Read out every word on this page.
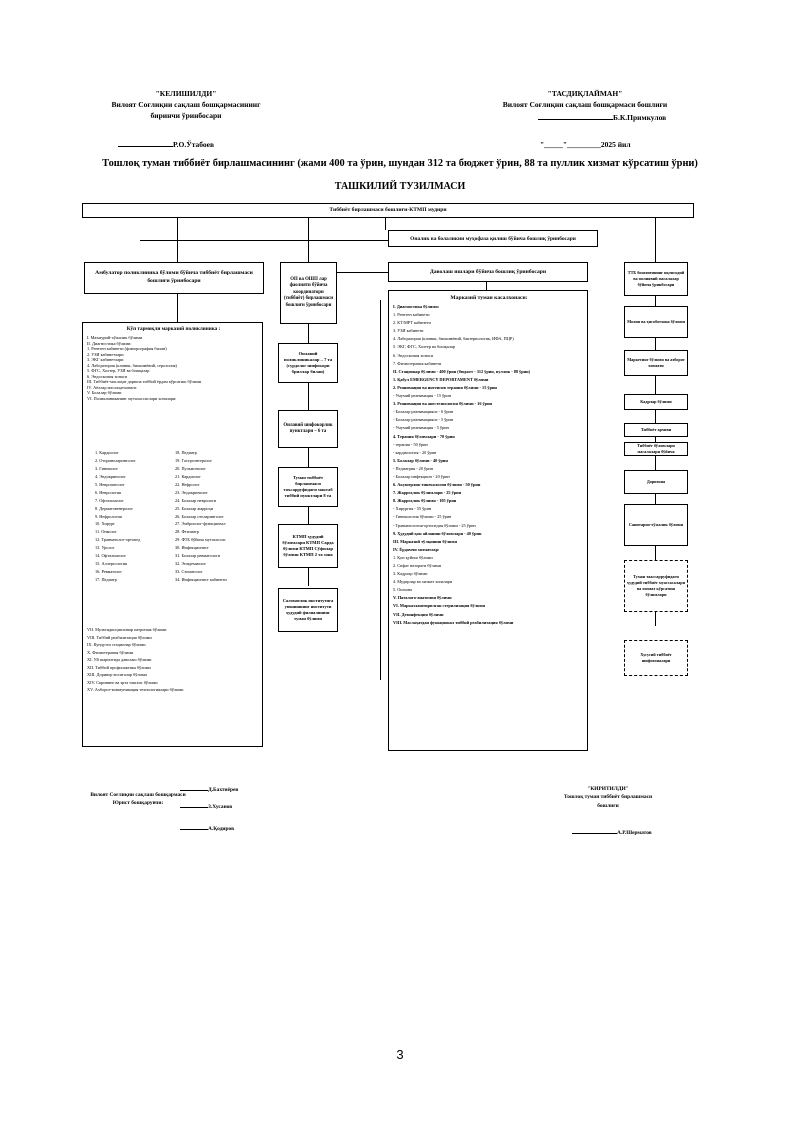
"КЕЛИШИЛДИ"
Вилоят Соғлиқни сақлаш бошқармасининг
биринчи ўринбосари
Р.О.Ўтабоев
"ТАСДИҚЛАЙМАН"
Вилоят Соғлиқни сақлаш бошқармаси бошлиғи
Б.К.Примкулов
"_____"_________2025 йил
Тошлоқ туман тиббиёт бирлашмасининг (жами 400 та ўрин, шундан 312 та бюджет ўрин, 88 та пуллик хизмат кўрсатиш ўрни)
ТАШКИЛИЙ ТУЗИЛМАСИ
Тиббиёт бирлашмаси бошлиғи-КТМП мудири
Оналик ва болаликни муҳофаза қилиш бўйича бошлиқ ўринбосари
Амбулатор поликлиника бўлими бўйича тиббиёт бирлашмаси бошлиғи ўринбосари	ОП ва ОШП лар фаолияти бўйича координатори (тиббиёт) бирлашмаси бошлиғи ўринбосари
Даволаш ишлари бўйича бошлиқ ўринбосари
Кўп тармоқли марказий поликлиника :
I. Маъмурий-хўжалик бўлими
II. Диагностика бўлими:
1. Рентген кабинети (флюорография билан)
2. УЗИ кабинетлари
3. ЭКГ кабинетлари
4. Лаборатория (клиник, биокимёвий, серология)
5. ФГС, Холтер, УЗИ ва бошқалар
6. Эндоскопия хонаси
III. Тиббиёт-маслаҳат дарвоза тиббий ёрдам кўрсатиш бўлими
IV. Аёллар маслаҳатхонаси
V. Болалар бўлими
VI. Поликлиниканинг мутахассислари хоналари:
1. Кардиолог
2. Оториноларинголог
3. Гинеколог
4. Эндокринолог
5. Невропатолог
6. Неврология
7. Офтальмолог
8. Дерматовенеролог
9. Нефрология
10. Хирург
11. Онколог
12. Травматолог-ортопед
13. Уролог
14. Офтальмолог
15. Аллергология
16. Ревматолог
17. Педиатр
18. Педиатр
19. Гастроэнтеролог
20. Пульмонолог
21. Кардиолог
22. Нефролог
23. Эндокринолог
24. Болалар неврологи
25. Болалар жарроҳи
26. Болалар отоларинголог
27. Эмбриолог-функционал
28. Фтизиатр
29. ФТБ бўйича мутахассис
30. Инфекционист
31. Болалар ревматологи
32. Эпидемиолог
33. Стоматолог
34. Инфекционист кабинети
VII. Мультидисциплинар патронаж бўлими
VIII. Тиббий реабилитация бўлими
IX. Кундузги стационар бўлими
X. Физиотерапия бўлими
XI. Уй шароитида даволаш бўлими
XII. Тиббий профилактика бўлими
XIII. Доривор воситалар бўлими
XIV. Скрининг ва эрта ташхис бўлими
XV. Ахборот-коммуникация технологиялари бўлими
Оилавий поликлиникалар – 7 та (сурдолог шифокори бриллар билан)
Оилавий шифокорлик пунктлари – 6 та
Туман тиббиёт бирлашмаси таъсарруфидаги мактаб тиббий пунктлари 8 та
КТМП ҳудудий бўлимлари КТМП Сарда бўлими КТМП Сўфилар бўлими КТМП 2 та зона
Саломатлик институтига уюшишнинг институти ҳудудий филиалининг туман бўлими
Марказий туман касалхонаси:
I. Диагностика бўлими:
1. Рентген кабинети
2. КТ/МРТ кабинети
3. УЗИ кабинети
4. Лаборатория (клиник, биокимёвий, бактериологик, ИФА, ПЦР)
5. ЭКГ, ФГС, Холтер ва бошқалар
6. Эндоскопия хонаси
7. Физиотерапия кабинети
II. Стационар бўлими - 400 ўрин (бюджет - 312 ўрин, пуллик - 88 ўрин)
1. Қабул EMERGENCY DEPORTAMENT бўлими
2. Реанимация ва интенсив терапия бўлими - 15 ўрин
- Умумий реанимация - 15 ўрин
3. Реанимация ва анестезиология бўлими - 16 ўрин
- Болалар реанимацияси - 6 ўрин
- Болалар реанимацияси - 5 ўрин
- Умумий реанимация - 5 ўрин
4. Терапия бўлимлари - 70 ўрин
- терапия - 50 ўрин
- кардиология - 20 ўрин
5. Болалар бўлими - 40 ўрин
- Педиатрия - 20 ўрин
- Болалар инфекцион - 20 ўрин
6. Акушерлик-гинекология бўлими - 50 ўрин
7. Жарроҳлик бўлимлари - 25 ўрин
8. Жарроҳлик бўлими - 105 ўрин
- Хирургия - 55 ўрин
- Гинекология бўлими - 25 ўрин
- Травматология-ортопедия бўлими - 25 ўрин
9. Ҳудудий қон айланиш бўлимлари - 40 ўрин
III. Марказий тўлқиниш бўлими
IV. Ёрдамчи хизматлар:
1. Қон қуйиш бўлими
2. Сифат назорати бўлими
3. Кадрлар бўлими
4. Мудирлар ва хизмат хоналари
5. Ошхона
V. Паталого-анатомия бўлими
VI. Марказлаштирилган стерилизация бўлими
VII. Дезинфекция бўлими
VIII. Маслаҳатдан функционал тиббий реабилитация бўлими
ТТБ бошлиғининг иқтисодий ва молиявий масалалар бўйича ўринбосари
Молия ва ҳисоботхона бўлими
Маркетинг бўлими ва ахборот хизмати
Кадрлар бўлими
Тиббиёт архиви
Тиббиёт бўлимлари масалалари бўйича
Дорихона
Санитарно-хўжалик бўлими
Туман таассарруфидаги ҳудудий тиббиёт муассасалари ва хизмат кўрсатиш бўлимлари
Хусусий тиббиёт шифохоналари
Вилоят Соғлиқни сақлаш бошқармаси Юрист бошқарувчи:
Д.Бахтиёрев
З.Хусанов
А.Қодиров
"КИРИТИЛДИ"
Тошлоқ туман тиббиёт бирлашмаси
бошлиғи
А.Р.Шерматов
3
